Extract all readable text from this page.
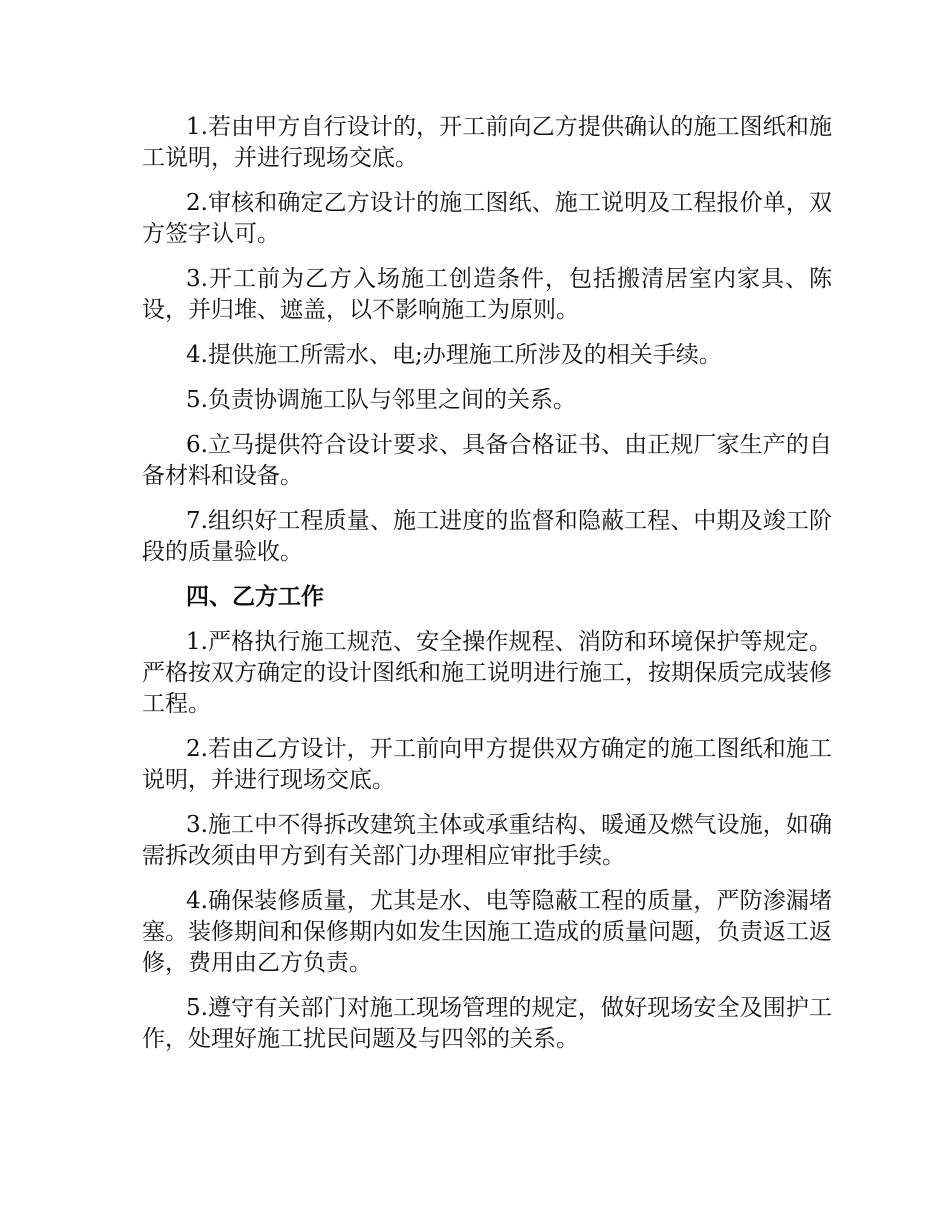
1.若由甲方自行设计的，开工前向乙方提供确认的施工图纸和施工说明，并进行现场交底。

2.审核和确定乙方设计的施工图纸、施工说明及工程报价单，双方签字认可。

3.开工前为乙方入场施工创造条件，包括搬清居室内家具、陈设，并归堆、遮盖，以不影响施工为原则。

4.提供施工所需水、电;办理施工所涉及的相关手续。

5.负责协调施工队与邻里之间的关系。

6.立马提供符合设计要求、具备合格证书、由正规厂家生产的自备材料和设备。

7.组织好工程质量、施工进度的监督和隐蔽工程、中期及竣工阶段的质量验收。

四、乙方工作

1.严格执行施工规范、安全操作规程、消防和环境保护等规定。严格按双方确定的设计图纸和施工说明进行施工，按期保质完成装修工程。

2.若由乙方设计，开工前向甲方提供双方确定的施工图纸和施工说明，并进行现场交底。

3.施工中不得拆改建筑主体或承重结构、暖通及燃气设施，如确需拆改须由甲方到有关部门办理相应审批手续。

4.确保装修质量，尤其是水、电等隐蔽工程的质量，严防渗漏堵塞。装修期间和保修期内如发生因施工造成的质量问题，负责返工返修，费用由乙方负责。

5.遵守有关部门对施工现场管理的规定，做好现场安全及围护工作，处理好施工扰民问题及与四邻的关系。
